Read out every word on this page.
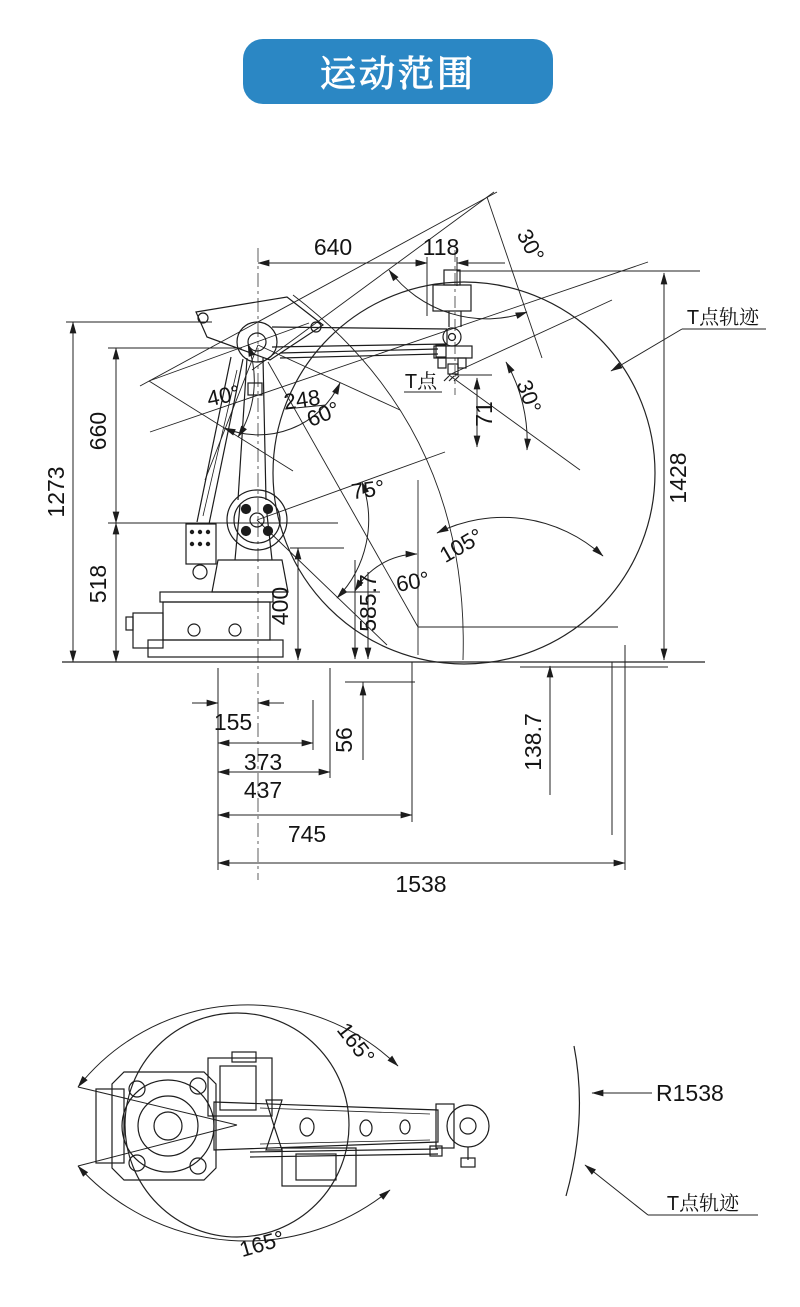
运动范围
640	118 30°
1273
660
518
40° 248
60°
T点
71 30°
T点轨迹
1428
75°
105°
60°
400	585.7
56	138.7
155
373
437
745
1538
165°
165°
R1538
T点轨迹
